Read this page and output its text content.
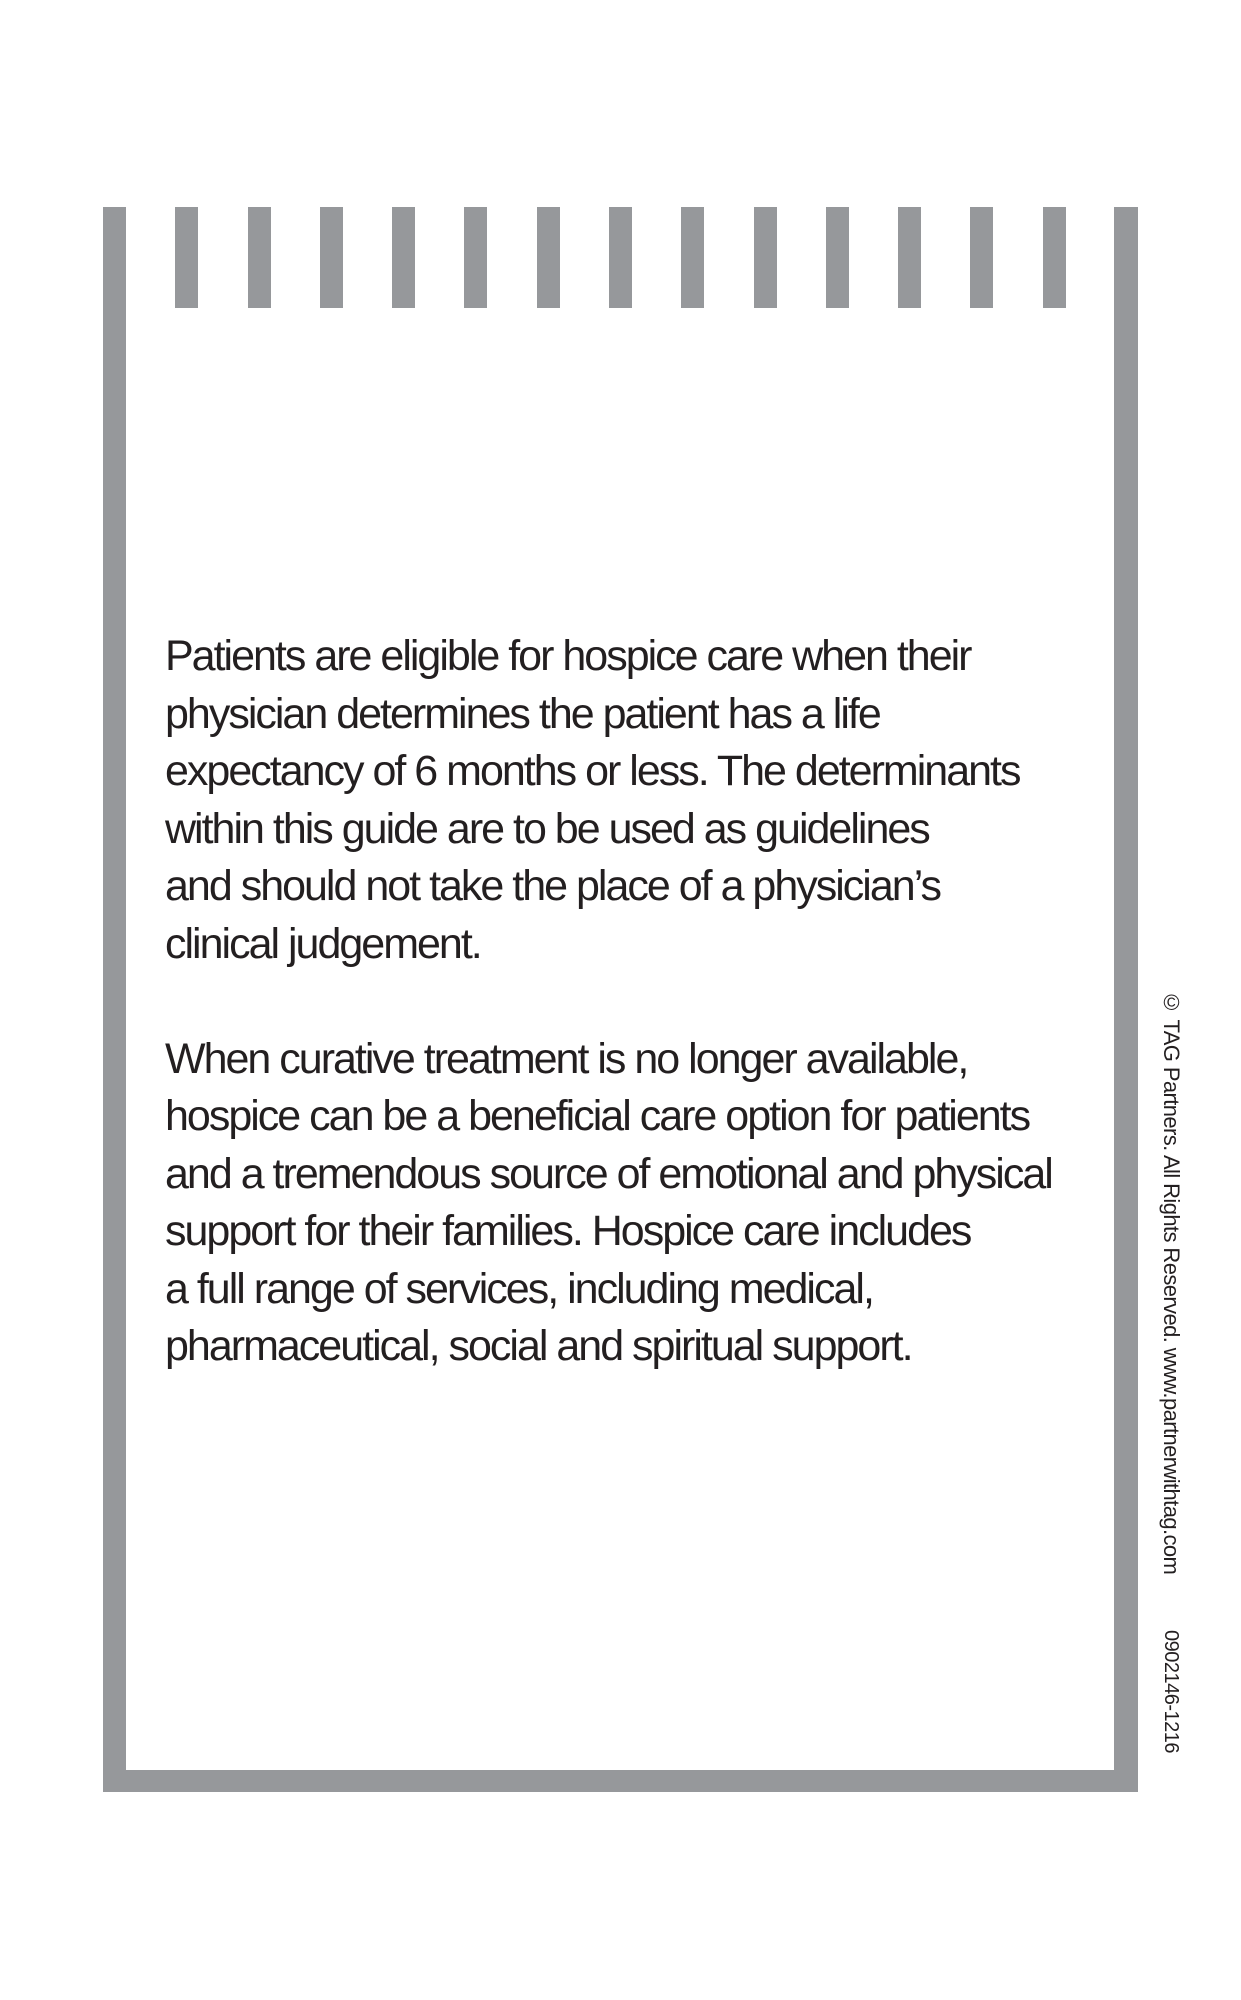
Patients are eligible for hospice care when their
physician determines the patient has a life
expectancy of 6 months or less. The determinants
within this guide are to be used as guidelines
and should not take the place of a physician’s
clinical judgement.
When curative treatment is no longer available,
hospice can be a beneficial care option for patients
and a tremendous source of emotional and physical
support for their families. Hospice care includes
a full range of services, including medical,
pharmaceutical, social and spiritual support.	© TAG Partners. All Rights Reserved. www.partnerwithtag.com
0902146-1216
